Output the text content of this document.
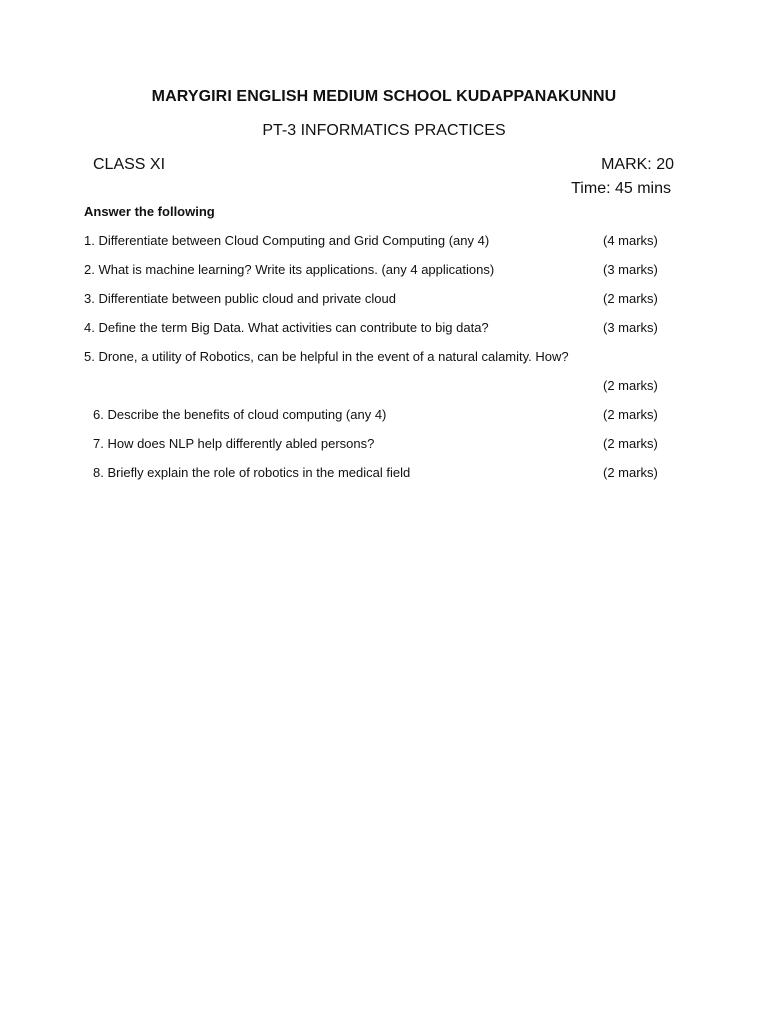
MARYGIRI ENGLISH MEDIUM SCHOOL KUDAPPANAKUNNU
PT-3 INFORMATICS PRACTICES
CLASS XI	MARK: 20
Time: 45 mins
Answer the following
1. Differentiate between Cloud Computing and Grid Computing (any 4)	(4 marks)
2. What is machine learning? Write its applications. (any 4 applications)	(3 marks)
3. Differentiate between public cloud and private cloud	(2 marks)
4. Define the term Big Data. What activities can contribute to big data?	(3 marks)
5. Drone, a utility of Robotics, can be helpful in the event of a natural calamity. How?
(2 marks)
6. Describe the benefits of cloud computing (any 4)	(2 marks)
7. How does NLP help differently abled persons?	(2 marks)
8. Briefly explain the role of robotics in the medical field	(2 marks)
